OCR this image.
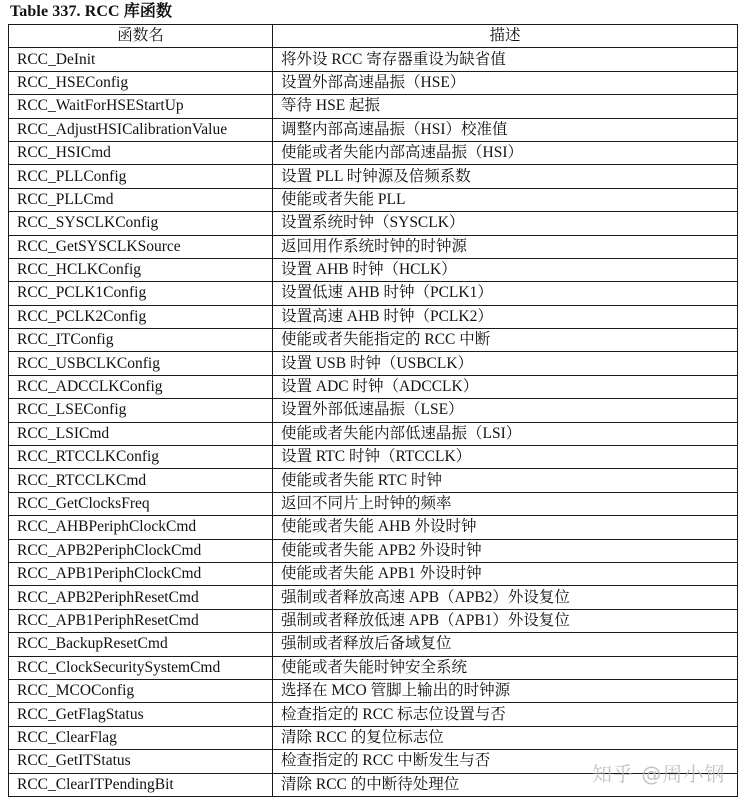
Table 337. RCC 库函数
函数名	描述
RCC_DeInit	将外设 RCC 寄存器重设为缺省值
RCC_HSEConfig	设置外部高速晶振（HSE）
RCC_WaitForHSEStartUp	等待 HSE 起振
RCC_AdjustHSICalibrationValue	调整内部高速晶振（HSI）校准值
RCC_HSICmd	使能或者失能内部高速晶振（HSI）
RCC_PLLConfig	设置 PLL 时钟源及倍频系数
RCC_PLLCmd	使能或者失能 PLL
RCC_SYSCLKConfig	设置系统时钟（SYSCLK）
RCC_GetSYSCLKSource	返回用作系统时钟的时钟源
RCC_HCLKConfig	设置 AHB 时钟（HCLK）
RCC_PCLK1Config	设置低速 AHB 时钟（PCLK1）
RCC_PCLK2Config	设置高速 AHB 时钟（PCLK2）
RCC_ITConfig	使能或者失能指定的 RCC 中断
RCC_USBCLKConfig	设置 USB 时钟（USBCLK）
RCC_ADCCLKConfig	设置 ADC 时钟（ADCCLK）
RCC_LSEConfig	设置外部低速晶振（LSE）
RCC_LSICmd	使能或者失能内部低速晶振（LSI）
RCC_RTCCLKConfig	设置 RTC 时钟（RTCCLK）
RCC_RTCCLKCmd	使能或者失能 RTC 时钟
RCC_GetClocksFreq	返回不同片上时钟的频率
RCC_AHBPeriphClockCmd	使能或者失能 AHB 外设时钟
RCC_APB2PeriphClockCmd	使能或者失能 APB2 外设时钟
RCC_APB1PeriphClockCmd	使能或者失能 APB1 外设时钟
RCC_APB2PeriphResetCmd	强制或者释放高速 APB（APB2）外设复位
RCC_APB1PeriphResetCmd	强制或者释放低速 APB（APB1）外设复位
RCC_BackupResetCmd	强制或者释放后备域复位
RCC_ClockSecuritySystemCmd	使能或者失能时钟安全系统
RCC_MCOConfig	选择在 MCO 管脚上输出的时钟源
RCC_GetFlagStatus	检查指定的 RCC 标志位设置与否
RCC_ClearFlag	清除 RCC 的复位标志位
RCC_GetITStatus	检查指定的 RCC 中断发生与否
RCC_ClearITPendingBit	清除 RCC 的中断待处理位	知乎 @周小钢
